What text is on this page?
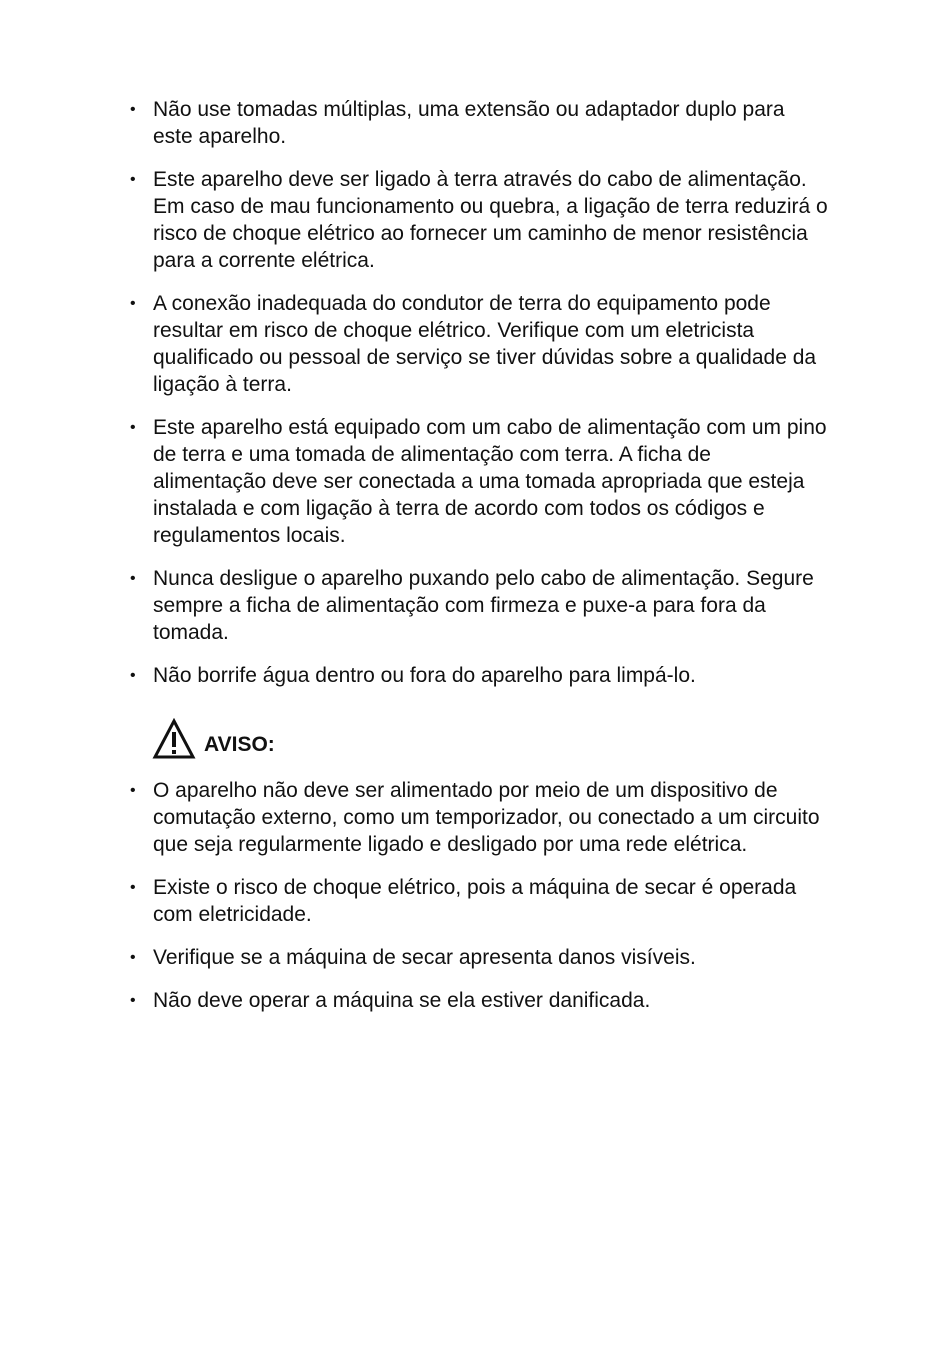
• Não use tomadas múltiplas, uma extensão ou adaptador duplo para este aparelho.
• Este aparelho deve ser ligado à terra através do cabo de alimentação. Em caso de mau funcionamento ou quebra, a ligação de terra reduzirá o risco de choque elétrico ao fornecer um caminho de menor resistência para a corrente elétrica.
• A conexão inadequada do condutor de terra do equipamento pode resultar em risco de choque elétrico. Verifique com um eletricista qualificado ou pessoal de serviço se tiver dúvidas sobre a qualidade da ligação à terra.
• Este aparelho está equipado com um cabo de alimentação com um pino de terra e uma tomada de alimentação com terra. A ficha de alimentação deve ser conectada a uma tomada apropriada que esteja instalada e com ligação à terra de acordo com todos os códigos e regulamentos locais.
• Nunca desligue o aparelho puxando pelo cabo de alimentação. Segure sempre a ficha de alimentação com firmeza e puxe-a para fora da tomada.
• Não borrife água dentro ou fora do aparelho para limpá-lo.
AVISO:
• O aparelho não deve ser alimentado por meio de um dispositivo de comutação externo, como um temporizador, ou conectado a um circuito que seja regularmente ligado e desligado por uma rede elétrica.
• Existe o risco de choque elétrico, pois a máquina de secar é operada com eletricidade.
• Verifique se a máquina de secar apresenta danos visíveis.
• Não deve operar a máquina se ela estiver danificada.
